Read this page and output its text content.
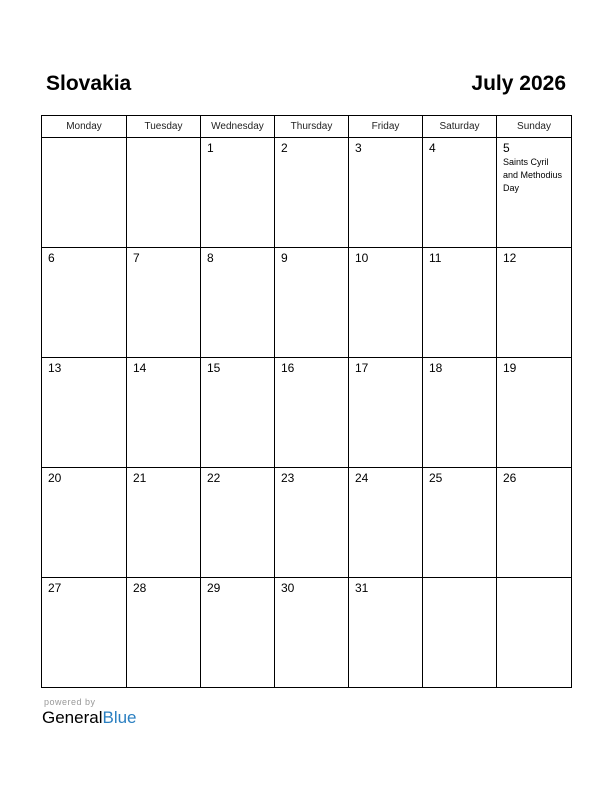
Slovakia	July 2026
Monday	Tuesday	Wednesday	Thursday	Friday	Saturday	Sunday

		1	2	3	4	5
Saints Cyril and Methodius Day

6	7	8	9	10	11	12

13	14	15	16	17	18	19

20	21	22	23	24	25	26

27	28	29	30	31		

powered by
GeneralBlue
